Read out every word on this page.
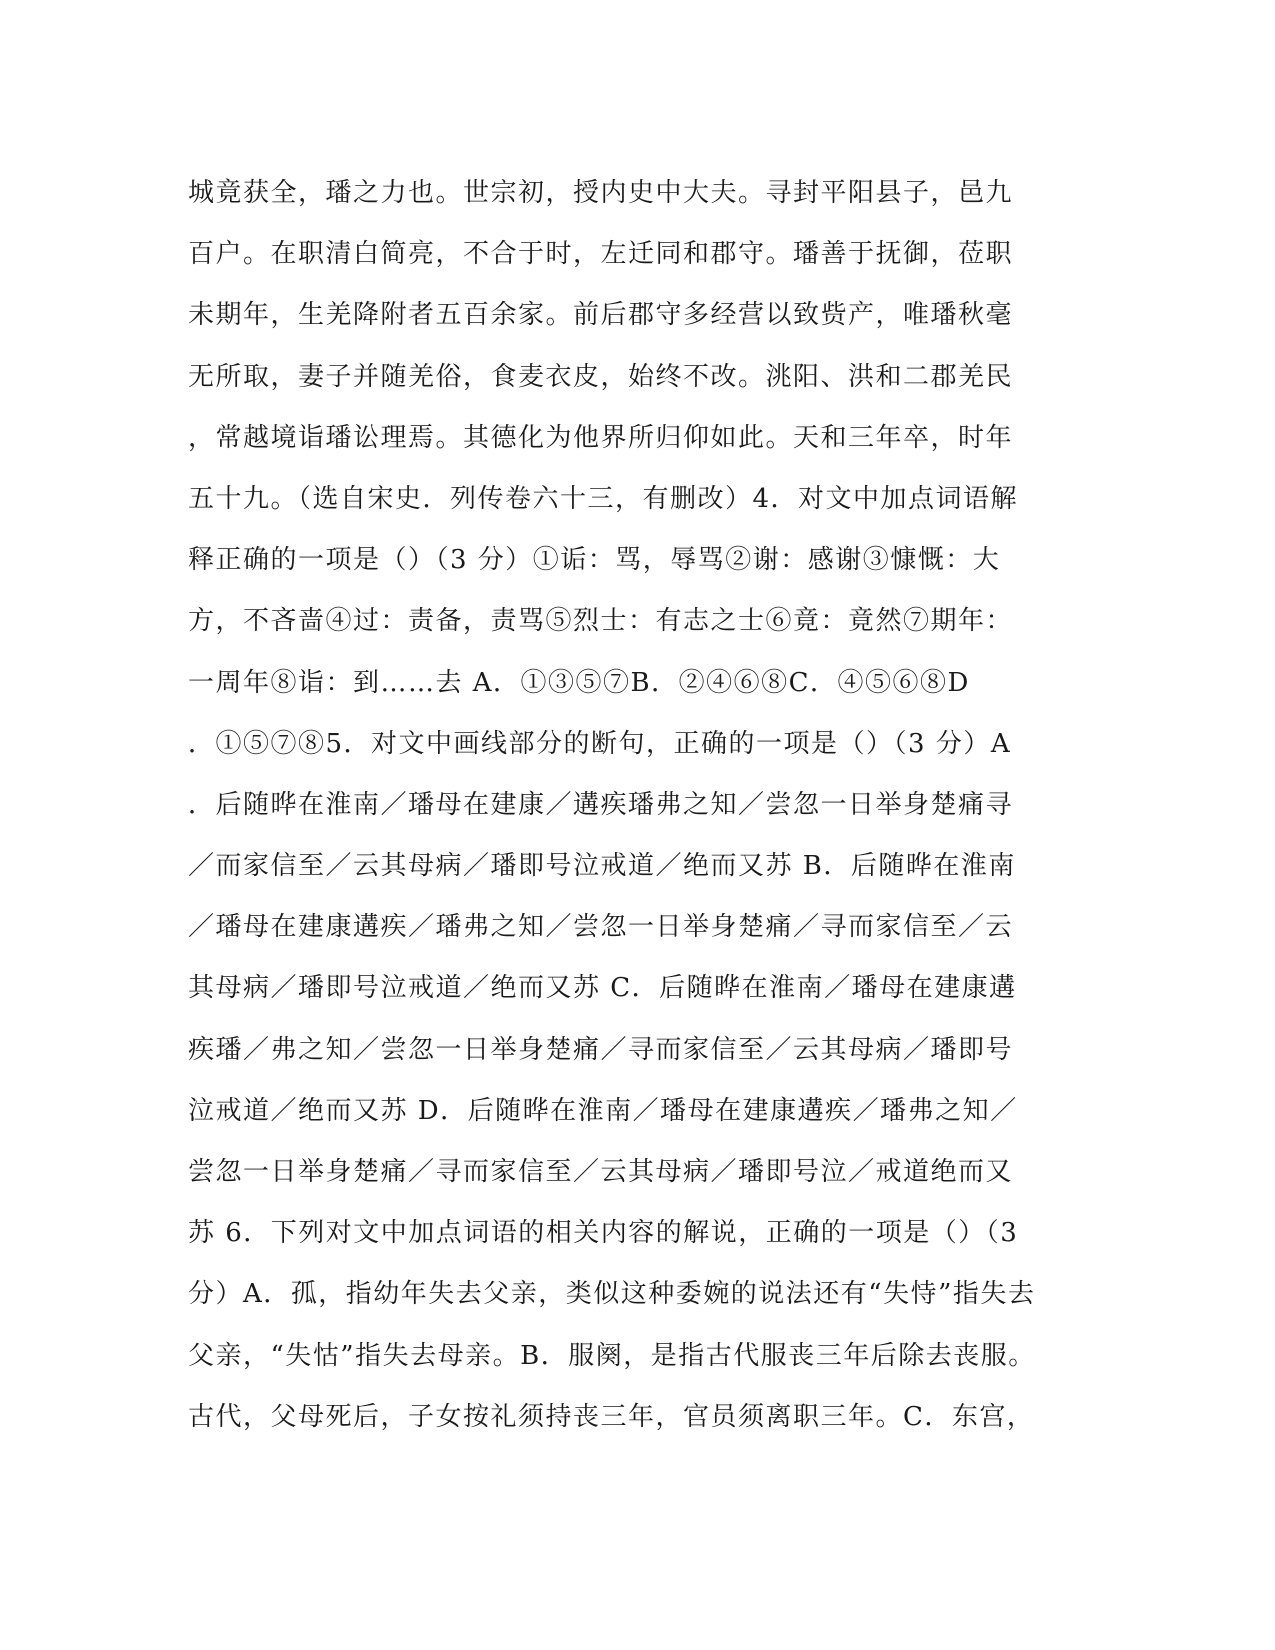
城竟获全，璠之力也。世宗初，授内史中大夫。寻封平阳县子，邑九
百户。在职清白简亮，不合于时，左迁同和郡守。璠善于抚御，莅职
未期年，生羌降附者五百余家。前后郡守多经营以致赀产，唯璠秋毫
无所取，妻子并随羌俗，食麦衣皮，始终不改。洮阳、洪和二郡羌民
，常越境诣璠讼理焉。其德化为他界所归仰如此。天和三年卒，时年
五十九。（选自宋史．列传卷六十三，有删改）4．对文中加点词语解
释正确的一项是（）（3 分）①诟：骂，辱骂②谢：感谢③慷慨：大
方，不吝啬④过：责备，责骂⑤烈士：有志之士⑥竟：竟然⑦期年：
一周年⑧诣：到……去 A．①③⑤⑦B．②④⑥⑧C．④⑤⑥⑧D
．①⑤⑦⑧5．对文中画线部分的断句，正确的一项是（）（3 分）A
．后随晔在淮南／璠母在建康／遘疾璠弗之知／尝忽一日举身楚痛寻
／而家信至／云其母病／璠即号泣戒道／绝而又苏 B．后随晔在淮南
／璠母在建康遘疾／璠弗之知／尝忽一日举身楚痛／寻而家信至／云
其母病／璠即号泣戒道／绝而又苏 C．后随晔在淮南／璠母在建康遘
疾璠／弗之知／尝忽一日举身楚痛／寻而家信至／云其母病／璠即号
泣戒道／绝而又苏 D．后随晔在淮南／璠母在建康遘疾／璠弗之知／
尝忽一日举身楚痛／寻而家信至／云其母病／璠即号泣／戒道绝而又
苏 6．下列对文中加点词语的相关内容的解说，正确的一项是（）（3
分）A．孤，指幼年失去父亲，类似这种委婉的说法还有“失恃”指失去
父亲，“失怙”指失去母亲。B．服阕，是指古代服丧三年后除去丧服。
古代，父母死后，子女按礼须持丧三年，官员须离职三年。C．东宫，
